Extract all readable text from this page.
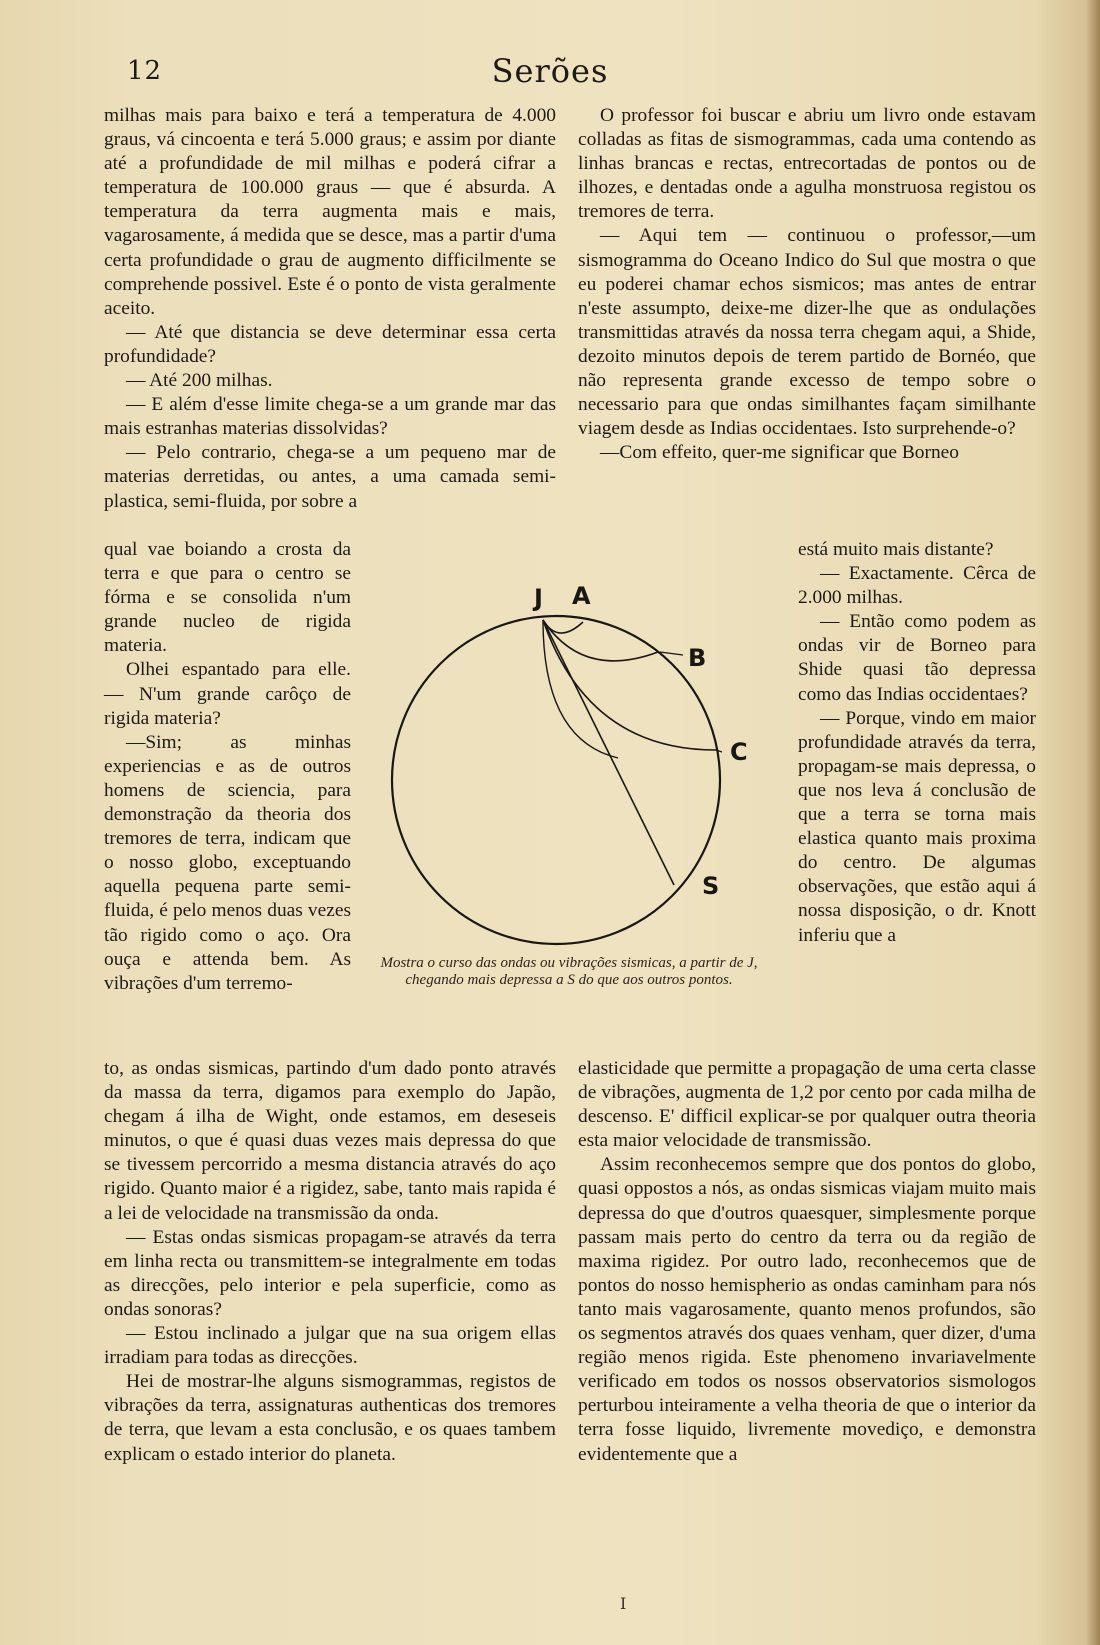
12	Serões

milhas mais para baixo e terá a temperatura de 4.000 graus, vá cincoenta e terá 5.000 graus; e assim por diante até a profundidade de mil milhas e poderá cifrar a temperatura de 100.000 graus — que é absurda. A temperatura da terra augmenta mais e mais, vagarosamente, á medida que se desce, mas a partir d'uma certa profundidade o grau de augmento difficilmente se comprehende possivel. Este é o ponto de vista geralmente aceito.

— Até que distancia se deve determinar essa certa profundidade?

— Até 200 milhas.

— E além d'esse limite chega-se a um grande mar das mais estranhas materias dissolvidas?

— Pelo contrario, chega-se a um pequeno mar de materias derretidas, ou antes, a uma camada semi-plastica, semi-fluida, por sobre a

qual vae boiando a crosta da terra e que para o centro se fórma e se consolida n'um grande nucleo de rigida materia.

Olhei espantado para elle. — N'um grande carôço de rigida materia?

—Sim; as minhas experiencias e as de outros homens de sciencia, para demonstração da theoria dos tremores de terra, indicam que o nosso globo, exceptuando aquella pequena parte semi-fluida, é pelo menos duas vezes tão rigido como o aço. Ora ouça e attenda bem. As vibrações d'um terremo-

to, as ondas sismicas, partindo d'um dado ponto através da massa da terra, digamos para exemplo do Japão, chegam á ilha de Wight, onde estamos, em deseseis minutos, o que é quasi duas vezes mais depressa do que se tivessem percorrido a mesma distancia através do aço rigido. Quanto maior é a rigidez, sabe, tanto mais rapida é a lei de velocidade na transmissão da onda.

— Estas ondas sismicas propagam-se através da terra em linha recta ou transmittem-se integralmente em todas as direcções, pelo interior e pela superficie, como as ondas sonoras?

— Estou inclinado a julgar que na sua origem ellas irradiam para todas as direcções.

Hei de mostrar-lhe alguns sismogrammas, registos de vibrações da terra, assignaturas authenticas dos tremores de terra, que levam a esta conclusão, e os quaes tambem explicam o estado interior do planeta.

O professor foi buscar e abriu um livro onde estavam colladas as fitas de sismogrammas, cada uma contendo as linhas brancas e rectas, entrecortadas de pontos ou de ilhozes, e dentadas onde a agulha monstruosa registou os tremores de terra.

— Aqui tem — continuou o professor,—um sismogramma do Oceano Indico do Sul que mostra o que eu poderei chamar echos sismicos; mas antes de entrar n'este assumpto, deixe-me dizer-lhe que as ondulações transmittidas através da nossa terra chegam aqui, a Shide, dezoito minutos depois de terem partido de Bornéo, que não representa grande excesso de tempo sobre o necessario para que ondas similhantes façam similhante viagem desde as Indias occidentaes. Isto surprehende-o?

—Com effeito, quer-me significar que Borneo

está muito mais distante?

— Exactamente. Cêrca de 2.000 milhas.

— Então como podem as ondas vir de Borneo para Shide quasi tão depressa como das Indias occidentaes?

— Porque, vindo em maior profundidade através da terra, propagam-se mais depressa, o que nos leva á conclusão de que a terra se torna mais elastica quanto mais proxima do centro. De algumas observações, que estão aqui á nossa disposição, o dr. Knott inferiu que a

elasticidade que permitte a propagação de uma certa classe de vibrações, augmenta de 1,2 por cento por cada milha de descenso. E' difficil explicar-se por qualquer outra theoria esta maior velocidade de transmissão.

Assim reconhecemos sempre que dos pontos do globo, quasi oppostos a nós, as ondas sismicas viajam muito mais depressa do que d'outros quaesquer, simplesmente porque passam mais perto do centro da terra ou da região de maxima rigidez. Por outro lado, reconhecemos que de pontos do nosso hemispherio as ondas caminham para nós tanto mais vagarosamente, quanto menos profundos, são os segmentos através dos quaes venham, quer dizer, d'uma região menos rigida. Este phenomeno invariavelmente verificado em todos os nossos observatorios sismologos perturbou inteiramente a velha theoria de que o interior da terra fosse liquido, livremente movediço, e demonstra evidentemente que a

J A
B
C
S
Mostra o curso das ondas ou vibrações sismicas, a partir de J, chegando mais depressa a S do que aos outros pontos.
I
